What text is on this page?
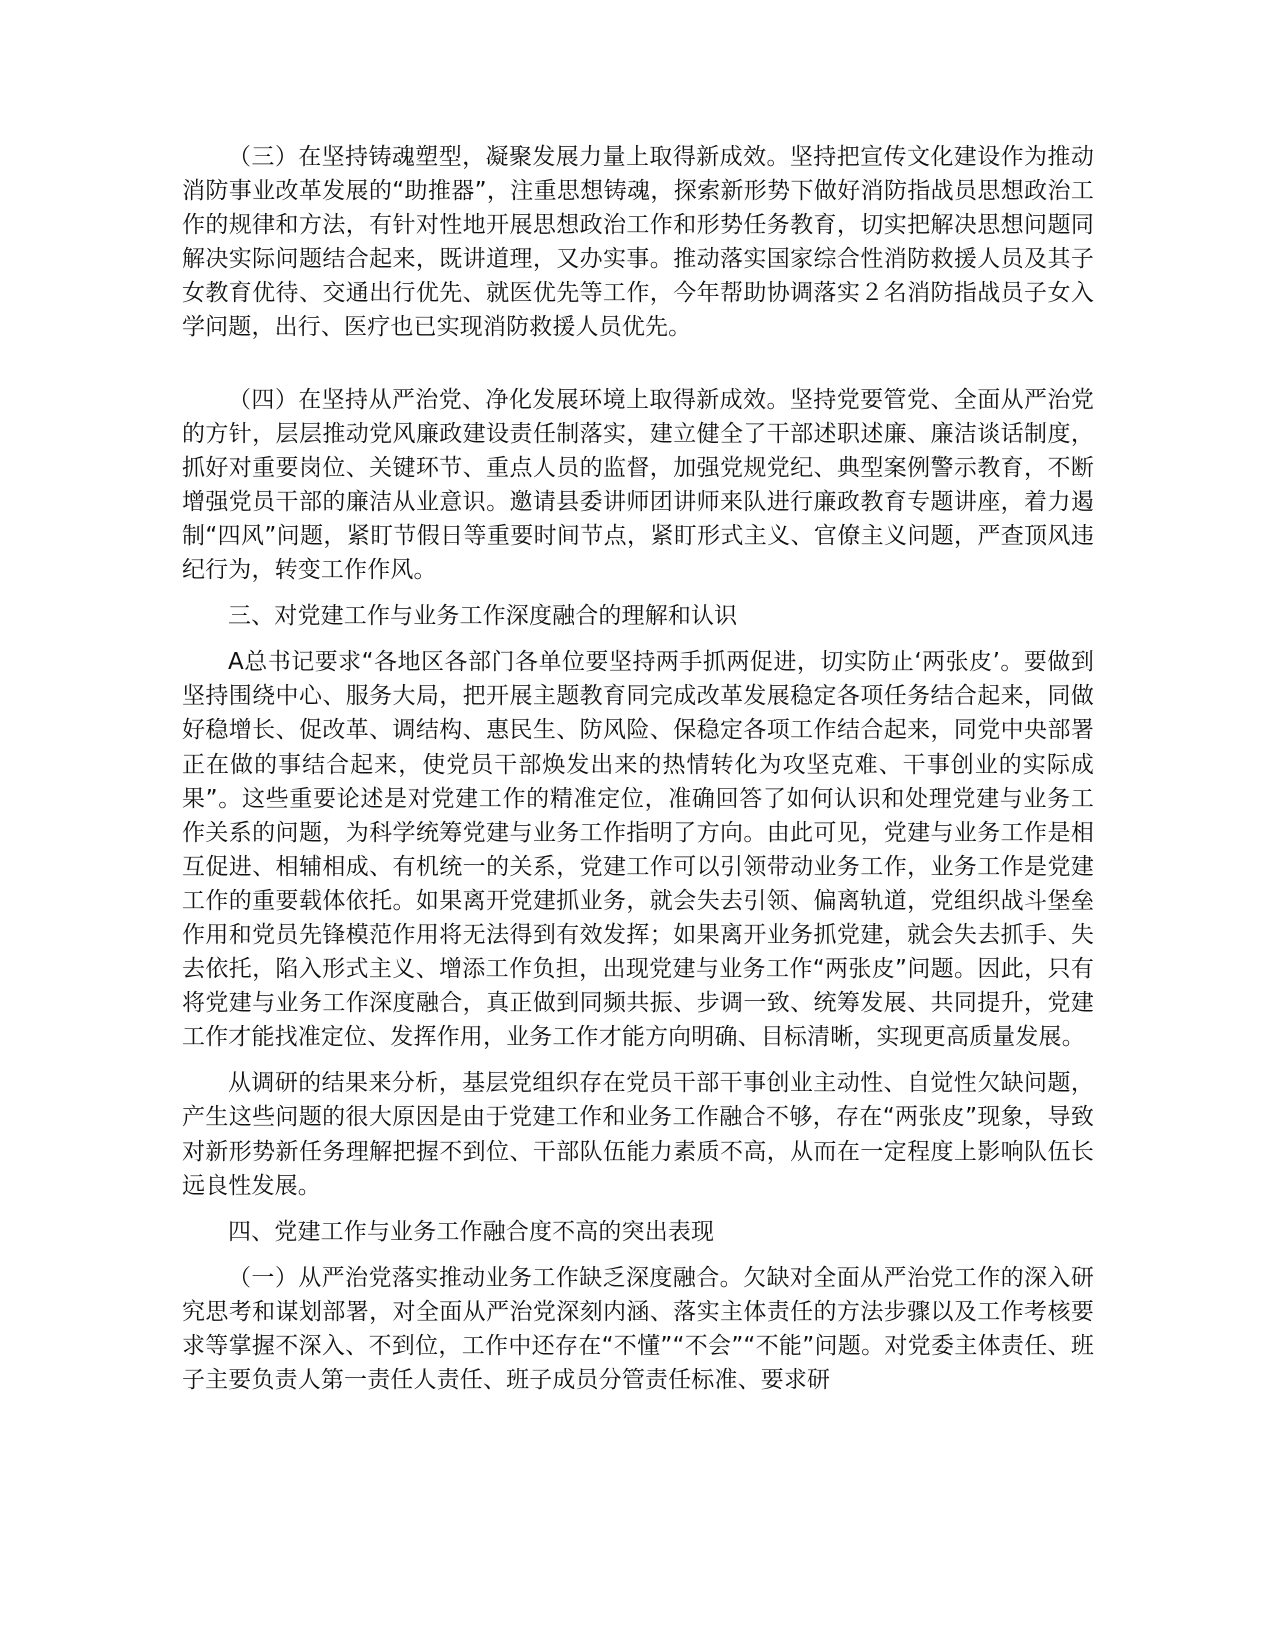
（三）在坚持铸魂塑型，凝聚发展力量上取得新成效。坚持把宣传文化建设作为推动消防事业改革发展的“助推器”，注重思想铸魂，探索新形势下做好消防指战员思想政治工作的规律和方法，有针对性地开展思想政治工作和形势任务教育，切实把解决思想问题同解决实际问题结合起来，既讲道理，又办实事。推动落实国家综合性消防救援人员及其子女教育优待、交通出行优先、就医优先等工作，今年帮助协调落实２名消防指战员子女入学问题，出行、医疗也已实现消防救援人员优先。

（四）在坚持从严治党、净化发展环境上取得新成效。坚持党要管党、全面从严治党的方针，层层推动党风廉政建设责任制落实，建立健全了干部述职述廉、廉洁谈话制度，抓好对重要岗位、关键环节、重点人员的监督，加强党规党纪、典型案例警示教育，不断增强党员干部的廉洁从业意识。邀请县委讲师团讲师来队进行廉政教育专题讲座，着力遏制“四风”问题，紧盯节假日等重要时间节点，紧盯形式主义、官僚主义问题，严查顶风违纪行为，转变工作作风。

三、对党建工作与业务工作深度融合的理解和认识

A总书记要求“各地区各部门各单位要坚持两手抓两促进，切实防止‘两张皮’。要做到坚持围绕中心、服务大局，把开展主题教育同完成改革发展稳定各项任务结合起来，同做好稳增长、促改革、调结构、惠民生、防风险、保稳定各项工作结合起来，同党中央部署正在做的事结合起来，使党员干部焕发出来的热情转化为攻坚克难、干事创业的实际成果”。这些重要论述是对党建工作的精准定位，准确回答了如何认识和处理党建与业务工作关系的问题，为科学统筹党建与业务工作指明了方向。由此可见，党建与业务工作是相互促进、相辅相成、有机统一的关系，党建工作可以引领带动业务工作，业务工作是党建工作的重要载体依托。如果离开党建抓业务，就会失去引领、偏离轨道，党组织战斗堡垒作用和党员先锋模范作用将无法得到有效发挥；如果离开业务抓党建，就会失去抓手、失去依托，陷入形式主义、增添工作负担，出现党建与业务工作“两张皮”问题。因此，只有将党建与业务工作深度融合，真正做到同频共振、步调一致、统筹发展、共同提升，党建工作才能找准定位、发挥作用，业务工作才能方向明确、目标清晰，实现更高质量发展。

从调研的结果来分析，基层党组织存在党员干部干事创业主动性、自觉性欠缺问题，产生这些问题的很大原因是由于党建工作和业务工作融合不够，存在“两张皮”现象，导致对新形势新任务理解把握不到位、干部队伍能力素质不高，从而在一定程度上影响队伍长远良性发展。

四、党建工作与业务工作融合度不高的突出表现

（一）从严治党落实推动业务工作缺乏深度融合。欠缺对全面从严治党工作的深入研究思考和谋划部署，对全面从严治党深刻内涵、落实主体责任的方法步骤以及工作考核要求等掌握不深入、不到位，工作中还存在“不懂”“不会”“不能”问题。对党委主体责任、班子主要负责人第一责任人责任、班子成员分管责任标准、要求研
